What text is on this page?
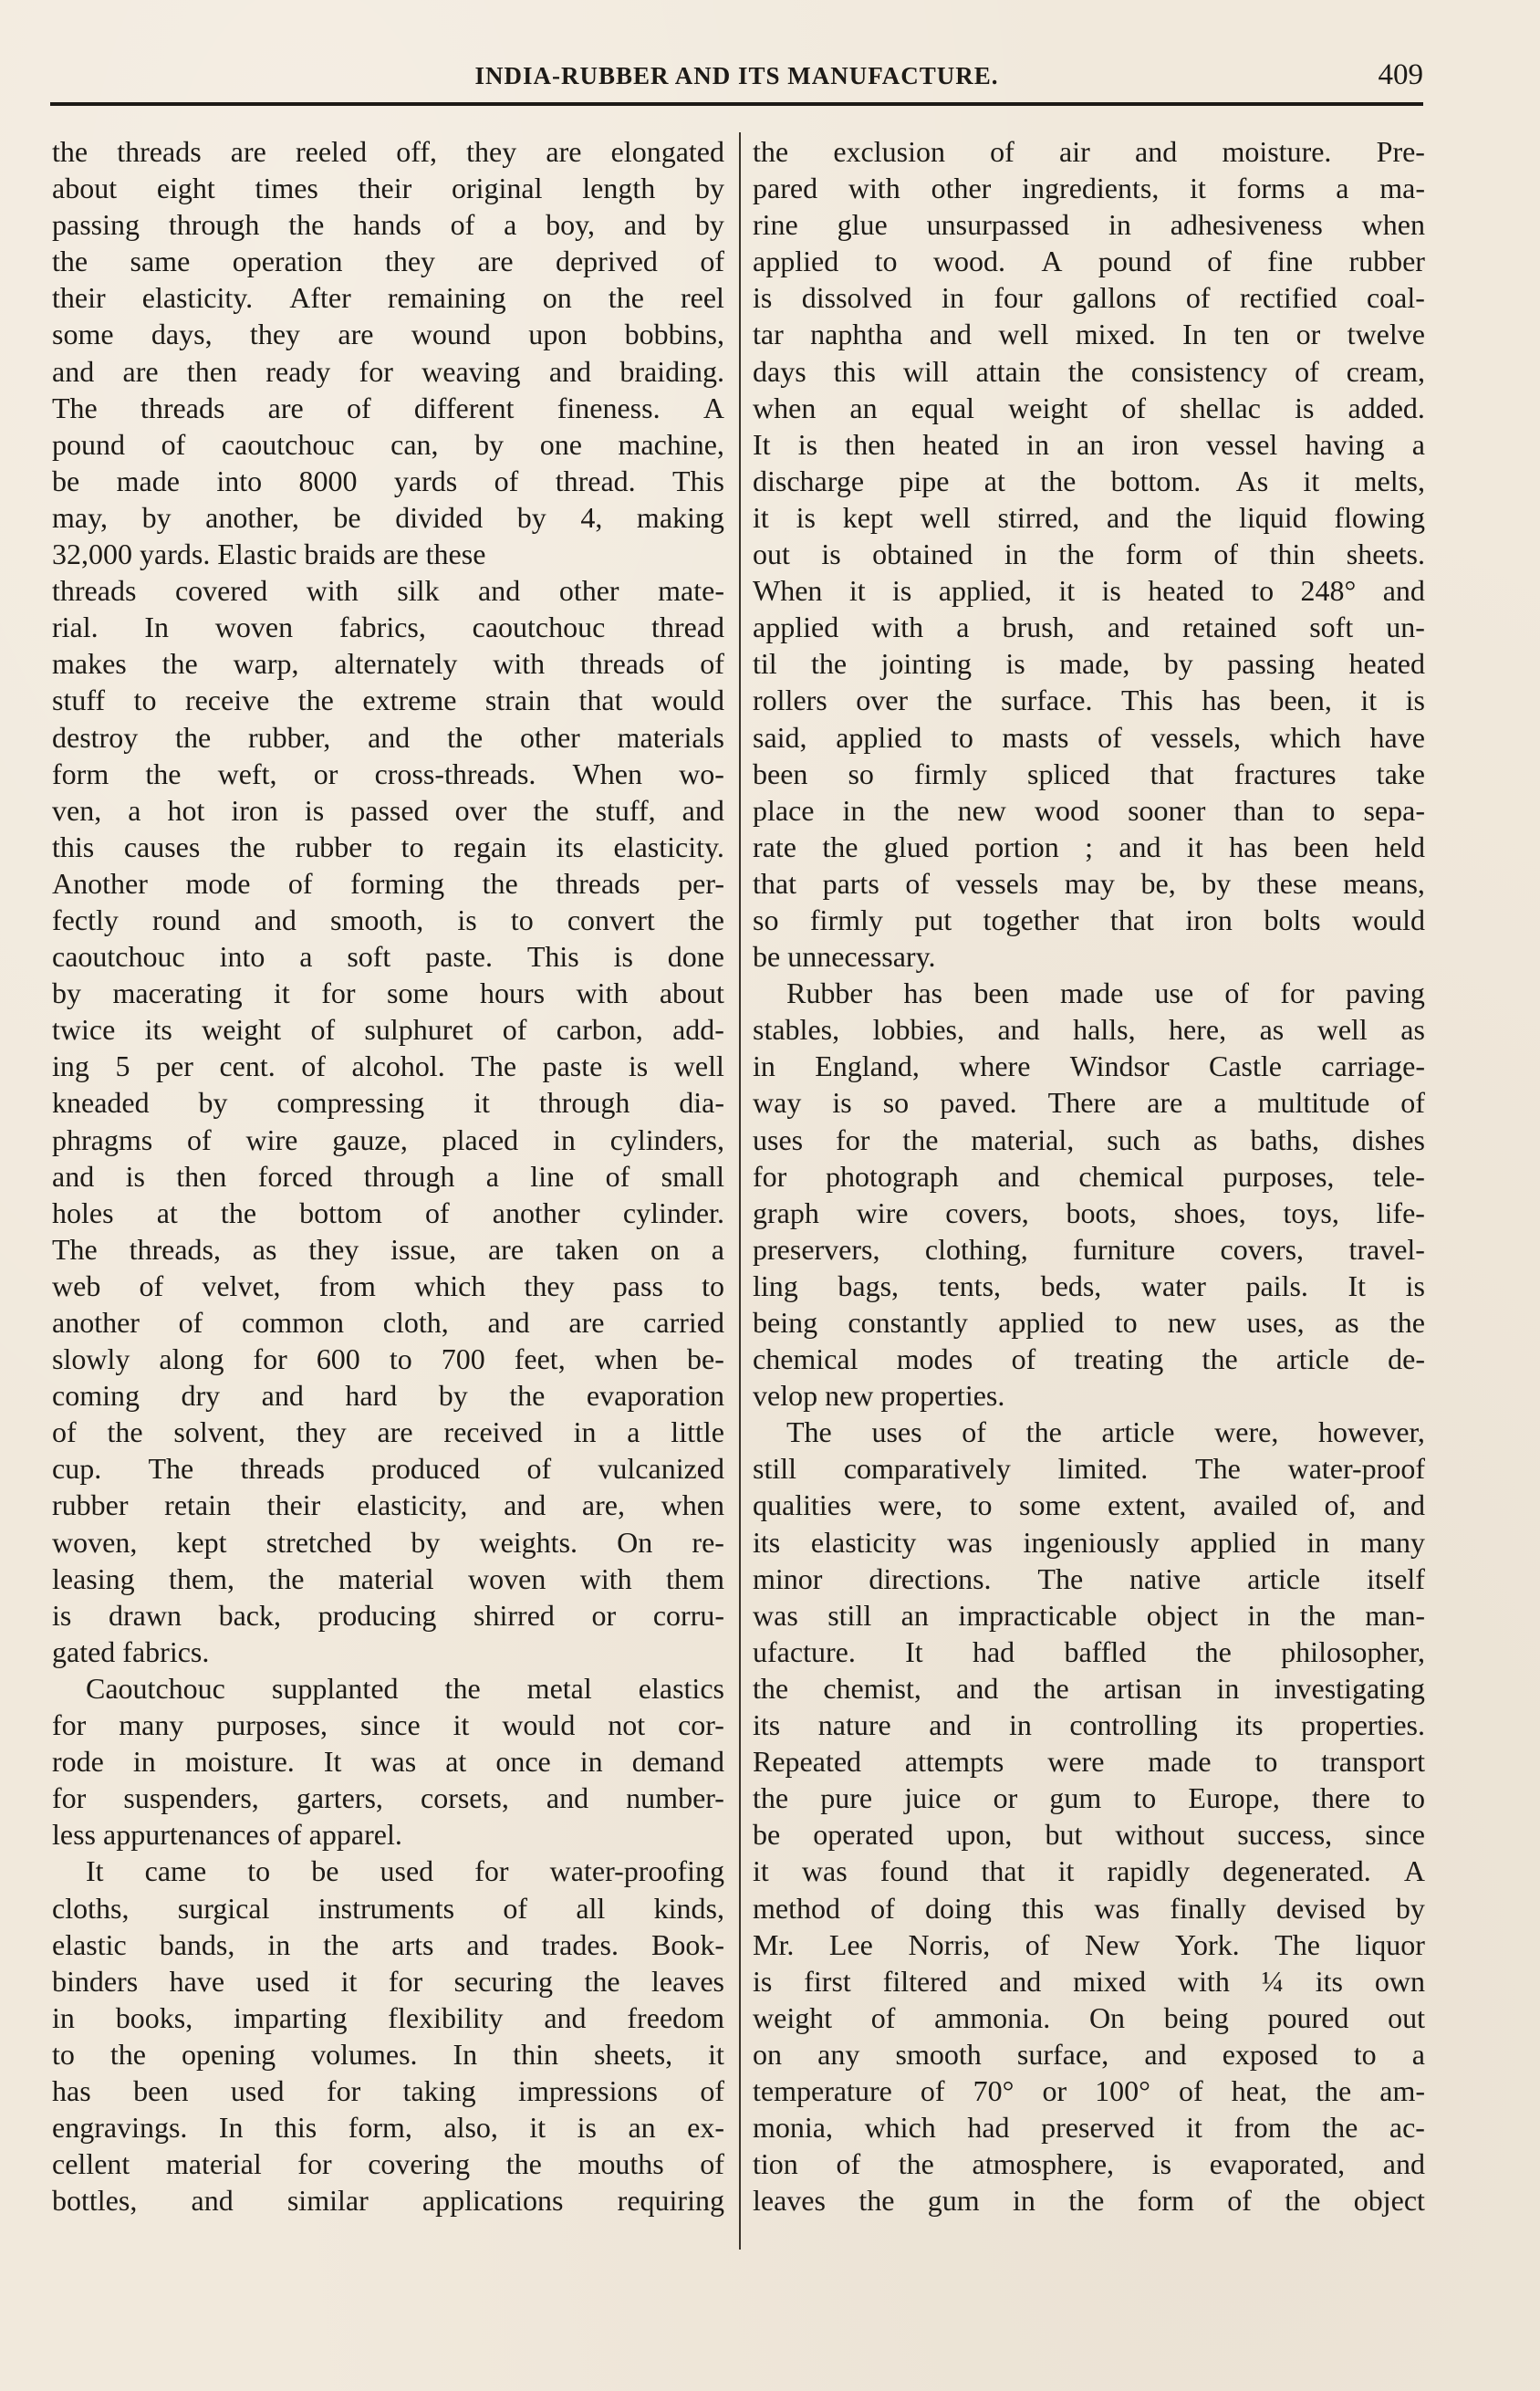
INDIA-RUBBER AND ITS MANUFACTURE.	409
the threads are reeled off, they are elongated
about eight times their original length by
passing through the hands of a boy, and by
the same operation they are deprived of
their elasticity. After remaining on the reel
some days, they are wound upon bobbins,
and are then ready for weaving and braiding.
The threads are of different fineness. A
pound of caoutchouc can, by one machine,
be made into 8000 yards of thread. This
may, by another, be divided by 4, making
32,000 yards. Elastic braids are these
threads covered with silk and other mate-
rial. In woven fabrics, caoutchouc thread
makes the warp, alternately with threads of
stuff to receive the extreme strain that would
destroy the rubber, and the other materials
form the weft, or cross-threads. When wo-
ven, a hot iron is passed over the stuff, and
this causes the rubber to regain its elasticity.
Another mode of forming the threads per-
fectly round and smooth, is to convert the
caoutchouc into a soft paste. This is done
by macerating it for some hours with about
twice its weight of sulphuret of carbon, add-
ing 5 per cent. of alcohol. The paste is well
kneaded by compressing it through dia-
phragms of wire gauze, placed in cylinders,
and is then forced through a line of small
holes at the bottom of another cylinder.
The threads, as they issue, are taken on a
web of velvet, from which they pass to
another of common cloth, and are carried
slowly along for 600 to 700 feet, when be-
coming dry and hard by the evaporation
of the solvent, they are received in a little
cup. The threads produced of vulcanized
rubber retain their elasticity, and are, when
woven, kept stretched by weights. On re-
leasing them, the material woven with them
is drawn back, producing shirred or corru-
gated fabrics.
Caoutchouc supplanted the metal elastics
for many purposes, since it would not cor-
rode in moisture. It was at once in demand
for suspenders, garters, corsets, and number-
less appurtenances of apparel.
It came to be used for water-proofing
cloths, surgical instruments of all kinds,
elastic bands, in the arts and trades. Book-
binders have used it for securing the leaves
in books, imparting flexibility and freedom
to the opening volumes. In thin sheets, it
has been used for taking impressions of
engravings. In this form, also, it is an ex-
cellent material for covering the mouths of
bottles, and similar applications requiring
the exclusion of air and moisture. Pre-
pared with other ingredients, it forms a ma-
rine glue unsurpassed in adhesiveness when
applied to wood. A pound of fine rubber
is dissolved in four gallons of rectified coal-
tar naphtha and well mixed. In ten or twelve
days this will attain the consistency of cream,
when an equal weight of shellac is added.
It is then heated in an iron vessel having a
discharge pipe at the bottom. As it melts,
it is kept well stirred, and the liquid flowing
out is obtained in the form of thin sheets.
When it is applied, it is heated to 248° and
applied with a brush, and retained soft un-
til the jointing is made, by passing heated
rollers over the surface. This has been, it is
said, applied to masts of vessels, which have
been so firmly spliced that fractures take
place in the new wood sooner than to sepa-
rate the glued portion ; and it has been held
that parts of vessels may be, by these means,
so firmly put together that iron bolts would
be unnecessary.
Rubber has been made use of for paving
stables, lobbies, and halls, here, as well as
in England, where Windsor Castle carriage-
way is so paved. There are a multitude of
uses for the material, such as baths, dishes
for photograph and chemical purposes, tele-
graph wire covers, boots, shoes, toys, life-
preservers, clothing, furniture covers, travel-
ling bags, tents, beds, water pails. It is
being constantly applied to new uses, as the
chemical modes of treating the article de-
velop new properties.
The uses of the article were, however,
still comparatively limited. The water-proof
qualities were, to some extent, availed of, and
its elasticity was ingeniously applied in many
minor directions. The native article itself
was still an impracticable object in the man-
ufacture. It had baffled the philosopher,
the chemist, and the artisan in investigating
its nature and in controlling its properties.
Repeated attempts were made to transport
the pure juice or gum to Europe, there to
be operated upon, but without success, since
it was found that it rapidly degenerated. A
method of doing this was finally devised by
Mr. Lee Norris, of New York. The liquor
is first filtered and mixed with ¼ its own
weight of ammonia. On being poured out
on any smooth surface, and exposed to a
temperature of 70° or 100° of heat, the am-
monia, which had preserved it from the ac-
tion of the atmosphere, is evaporated, and
leaves the gum in the form of the object
